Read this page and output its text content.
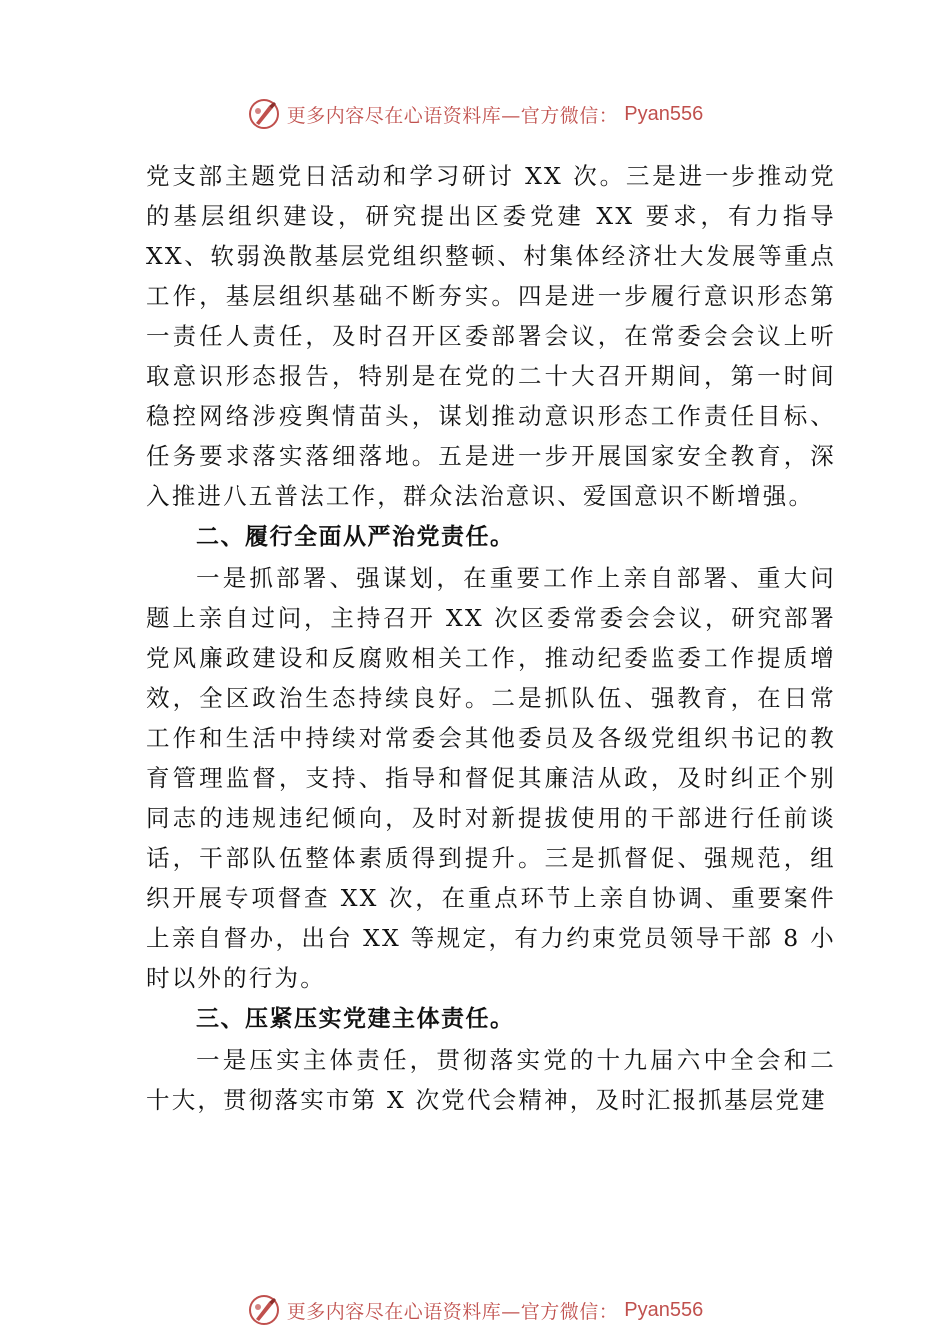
更多内容尽在心语资料库—官方微信： Pyan556

党支部主题党日活动和学习研讨 XX 次。三是进一步推动党的基层组织建设，研究提出区委党建 XX 要求，有力指导 XX、软弱涣散基层党组织整顿、村集体经济壮大发展等重点工作，基层组织基础不断夯实。四是进一步履行意识形态第一责任人责任，及时召开区委部署会议，在常委会会议上听取意识形态报告，特别是在党的二十大召开期间，第一时间稳控网络涉疫舆情苗头，谋划推动意识形态工作责任目标、任务要求落实落细落地。五是进一步开展国家安全教育，深入推进八五普法工作，群众法治意识、爱国意识不断增强。

二、履行全面从严治党责任。

一是抓部署、强谋划，在重要工作上亲自部署、重大问题上亲自过问，主持召开 XX 次区委常委会会议，研究部署党风廉政建设和反腐败相关工作，推动纪委监委工作提质增效，全区政治生态持续良好。二是抓队伍、强教育，在日常工作和生活中持续对常委会其他委员及各级党组织书记的教育管理监督，支持、指导和督促其廉洁从政，及时纠正个别同志的违规违纪倾向，及时对新提拔使用的干部进行任前谈话，干部队伍整体素质得到提升。三是抓督促、强规范，组织开展专项督查 XX 次，在重点环节上亲自协调、重要案件上亲自督办，出台 XX 等规定，有力约束党员领导干部 8 小时以外的行为。

三、压紧压实党建主体责任。

一是压实主体责任，贯彻落实党的十九届六中全会和二十大，贯彻落实市第 X 次党代会精神，及时汇报抓基层党建

更多内容尽在心语资料库—官方微信： Pyan556
